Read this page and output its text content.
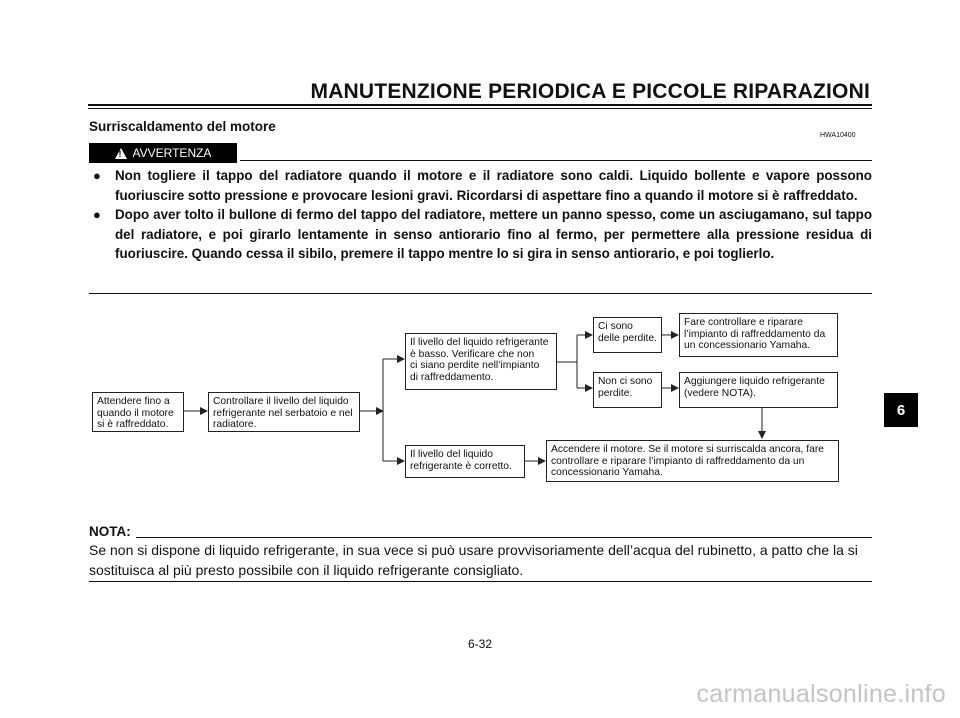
MANUTENZIONE PERIODICA E PICCOLE RIPARAZIONI
Surriscaldamento del motore
HWA10400
! AVVERTENZA
●	Non togliere il tappo del radiatore quando il motore e il radiatore sono caldi. Liquido bollente e vapore possono fuoriuscire sotto pressione e provocare lesioni gravi. Ricordarsi di aspettare fino a quando il motore si è raffreddato.
●	Dopo aver tolto il bullone di fermo del tappo del radiatore, mettere un panno spesso, come un asciugamano, sul tappo del radiatore, e poi girarlo lentamente in senso antiorario fino al fermo, per permettere alla pressione residua di fuoriuscire. Quando cessa il sibilo, premere il tappo mentre lo si gira in senso antiorario, e poi toglierlo.
Attendere fino a
quando il motore
si è raffreddato.
Controllare il livello del liquido
refrigerante nel serbatoio e nel
radiatore.
Il livello del liquido refrigerante
è basso. Verificare che non
ci siano perdite nell’impianto
di raffreddamento.
Ci sono
delle perdite.
Non ci sono
perdite.
Fare controllare e riparare
l’impianto di raffreddamento da
un concessionario Yamaha.
Aggiungere liquido refrigerante
(vedere NOTA).
Il livello del liquido
refrigerante è corretto.
Accendere il motore. Se il motore si surriscalda ancora, fare
controllare e riparare l’impianto di raffreddamento da un
concessionario Yamaha.
NOTA:
Se non si dispone di liquido refrigerante, in sua vece si può usare provvisoriamente dell’acqua del rubinetto, a patto che la si sostituisca al più presto possibile con il liquido refrigerante consigliato.
6-32
6
carmanualsonline.info
